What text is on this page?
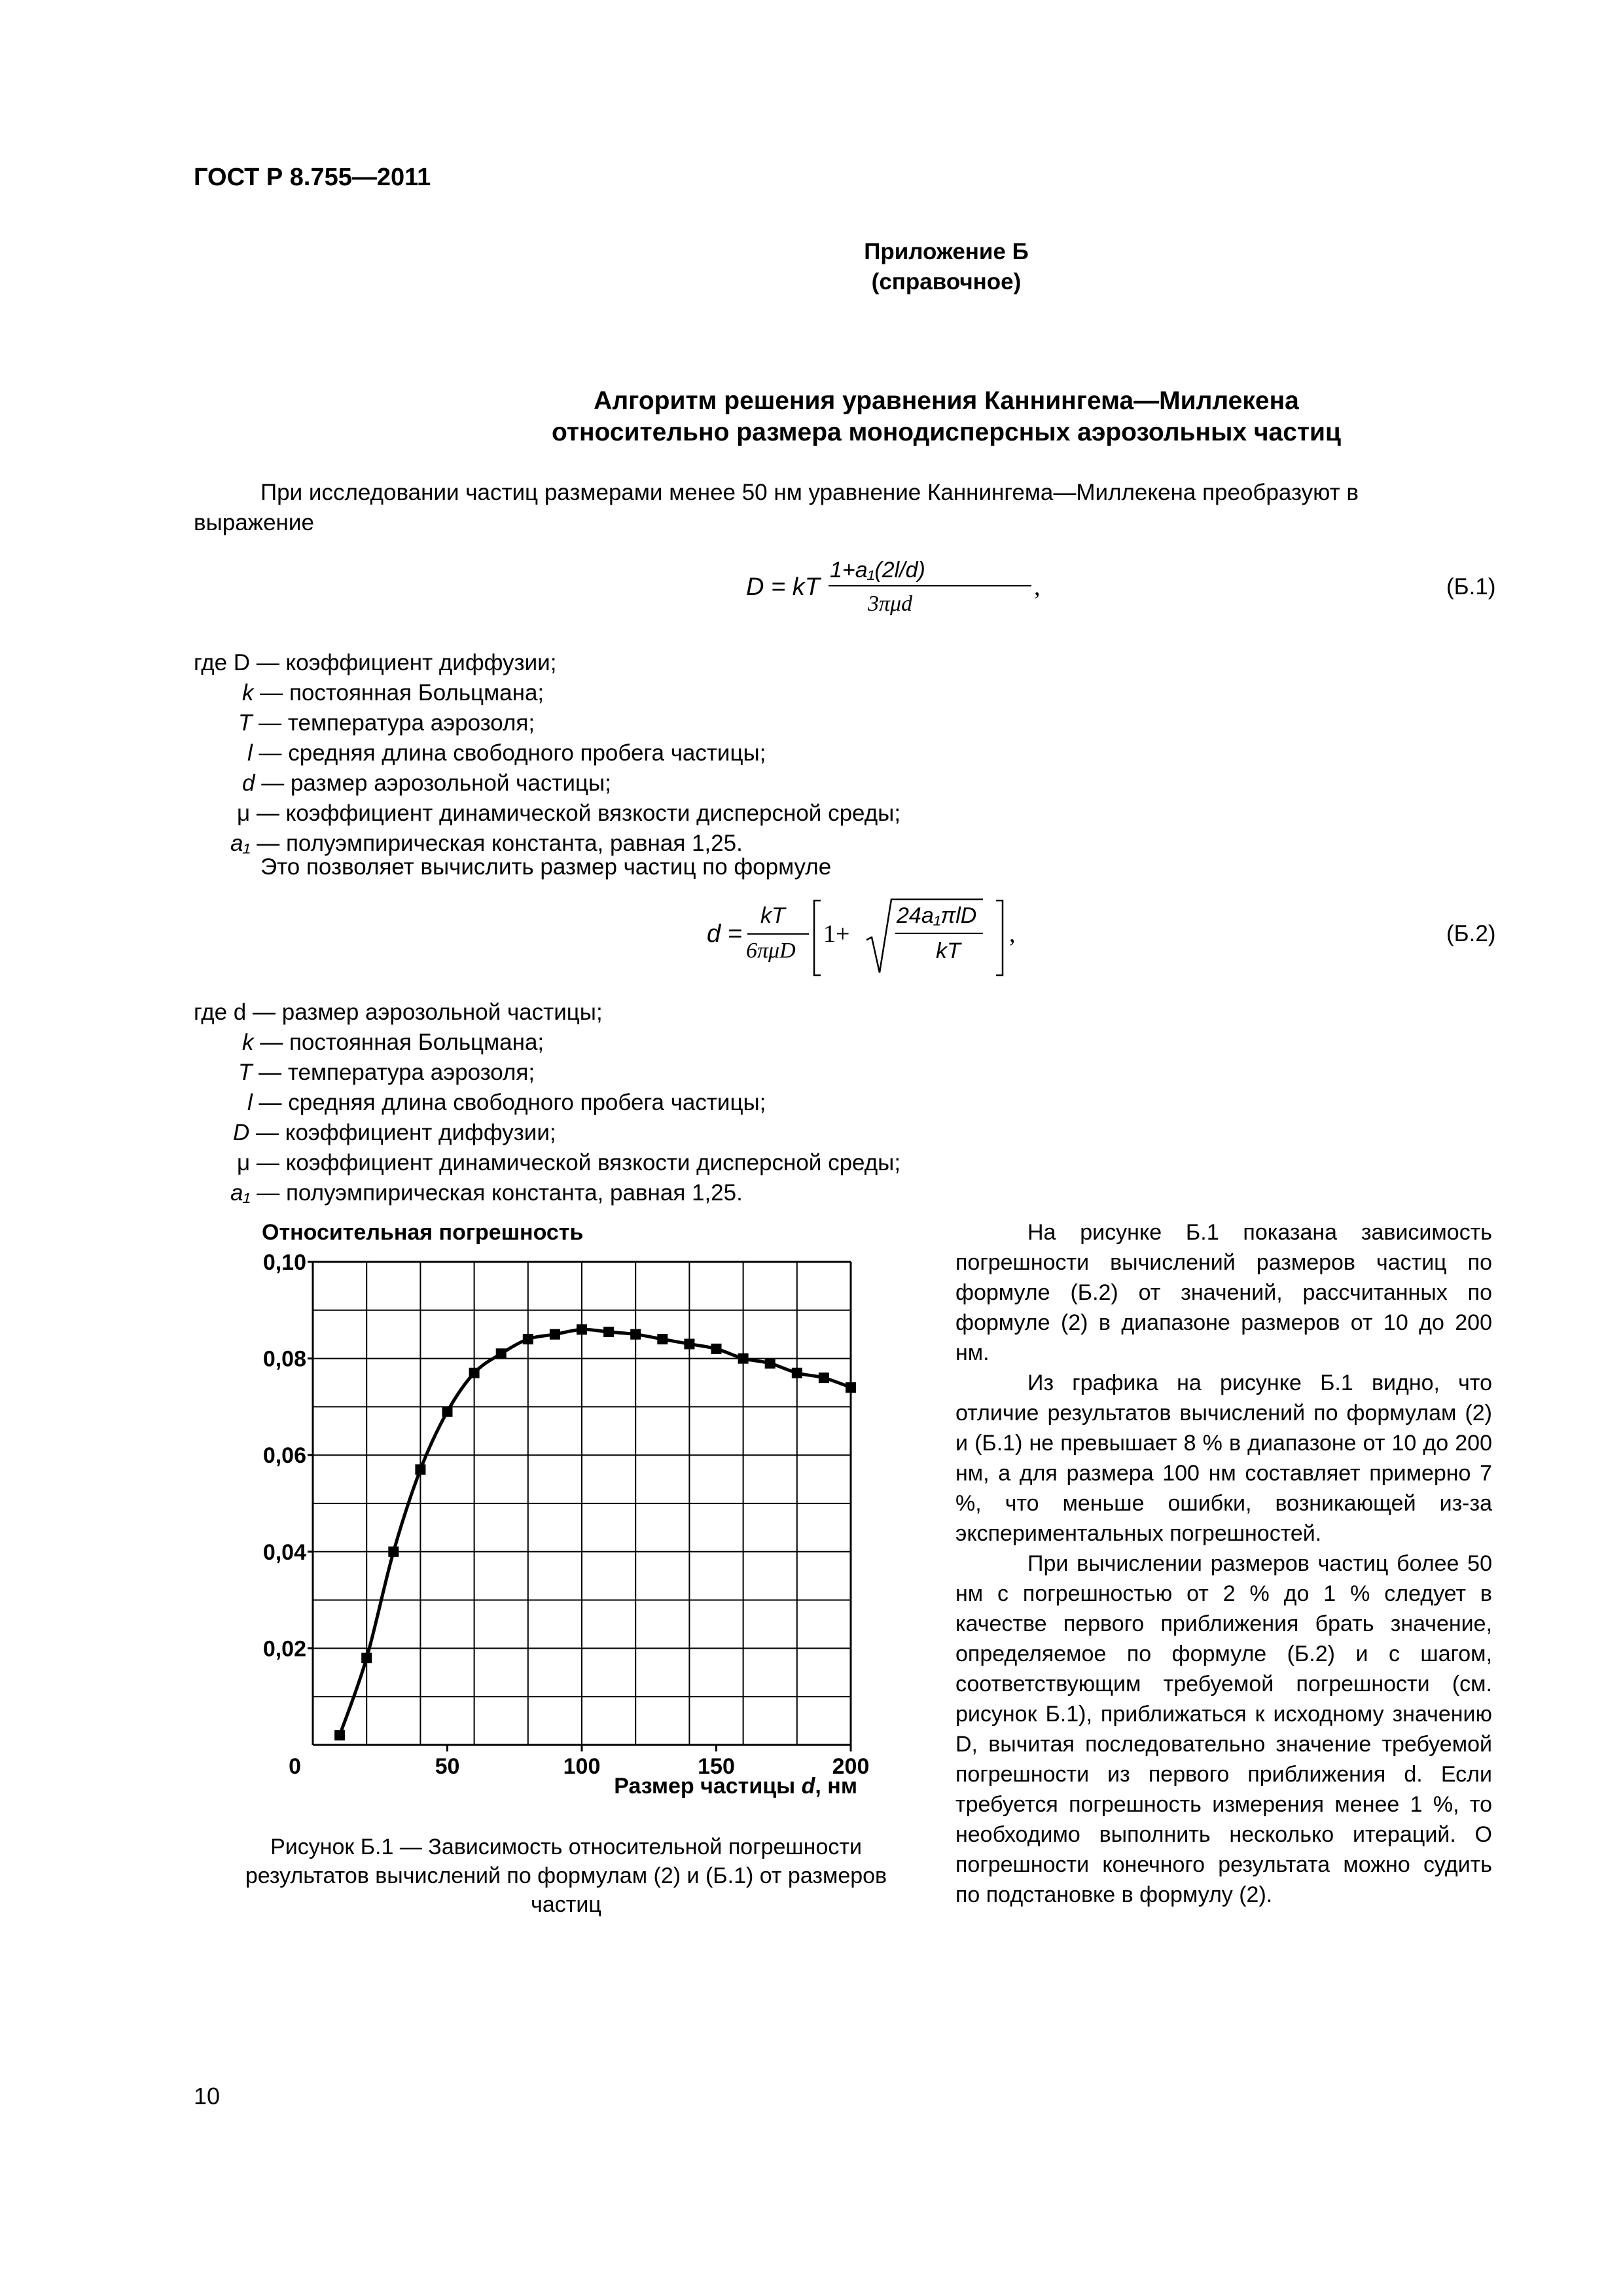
ГОСТ Р 8.755—2011
Приложение Б
(справочное)
Алгоритм решения уравнения Каннингема—Миллекена
относительно размера монодисперсных аэрозольных частиц
При исследовании частиц размерами менее 50 нм уравнение Каннингема—Миллекена преобразуют в
выражение
D = kT
1+a₁(2l/d)
3πμd
,	(Б.1)
где D — коэффициент диффузии;
k — постоянная Больцмана;
T — температура аэрозоля;
l — средняя длина свободного пробега частицы;
d — размер аэрозольной частицы;
μ — коэффициент динамической вязкости дисперсной среды;
a₁ — полуэмпирическая константа, равная 1,25.
Это позволяет вычислить размер частиц по формуле
d =
kT
6πμD
1+
24a₁πlD
kT
,	(Б.2)
где d — размер аэрозольной частицы;
k — постоянная Больцмана;
T — температура аэрозоля;
l — средняя длина свободного пробега частицы;
D — коэффициент диффузии;
μ — коэффициент динамической вязкости дисперсной среды;
a₁ — полуэмпирическая константа, равная 1,25.
Относительная погрешность
Размер частицы d, нм
0	50	100	150	200
0,02
0,04
0,06
0,08
0,10

На рисунке Б.1 показана зависимость погрешности вычислений размеров частиц по формуле (Б.2) от значений, рассчитанных по формуле (2) в диапазоне размеров от 10 до 200 нм.

Из графика на рисунке Б.1 видно, что отличие результатов вычислений по формулам (2) и (Б.1) не превышает 8 % в диапазоне от 10 до 200 нм, а для размера 100 нм составляет примерно 7 %, что меньше ошибки, возникающей из-за экспериментальных погрешностей.

При вычислении размеров частиц более 50 нм с погрешностью от 2 % до 1 % следует в качестве первого приближения брать значение, определяемое по формуле (Б.2) и с шагом, соответствующим требуемой погрешности (см. рисунок Б.1), приближаться к исходному значению D, вычитая последовательно значение требуемой погрешности из первого приближения d. Если требуется погрешность измерения менее 1 %, то необходимо выполнить несколько итераций. О погрешности конечного результата можно судить по подстановке в формулу (2).

Рисунок Б.1 — Зависимость относительной погрешности
результатов вычислений по формулам (2) и (Б.1) от размеров
частиц
10
